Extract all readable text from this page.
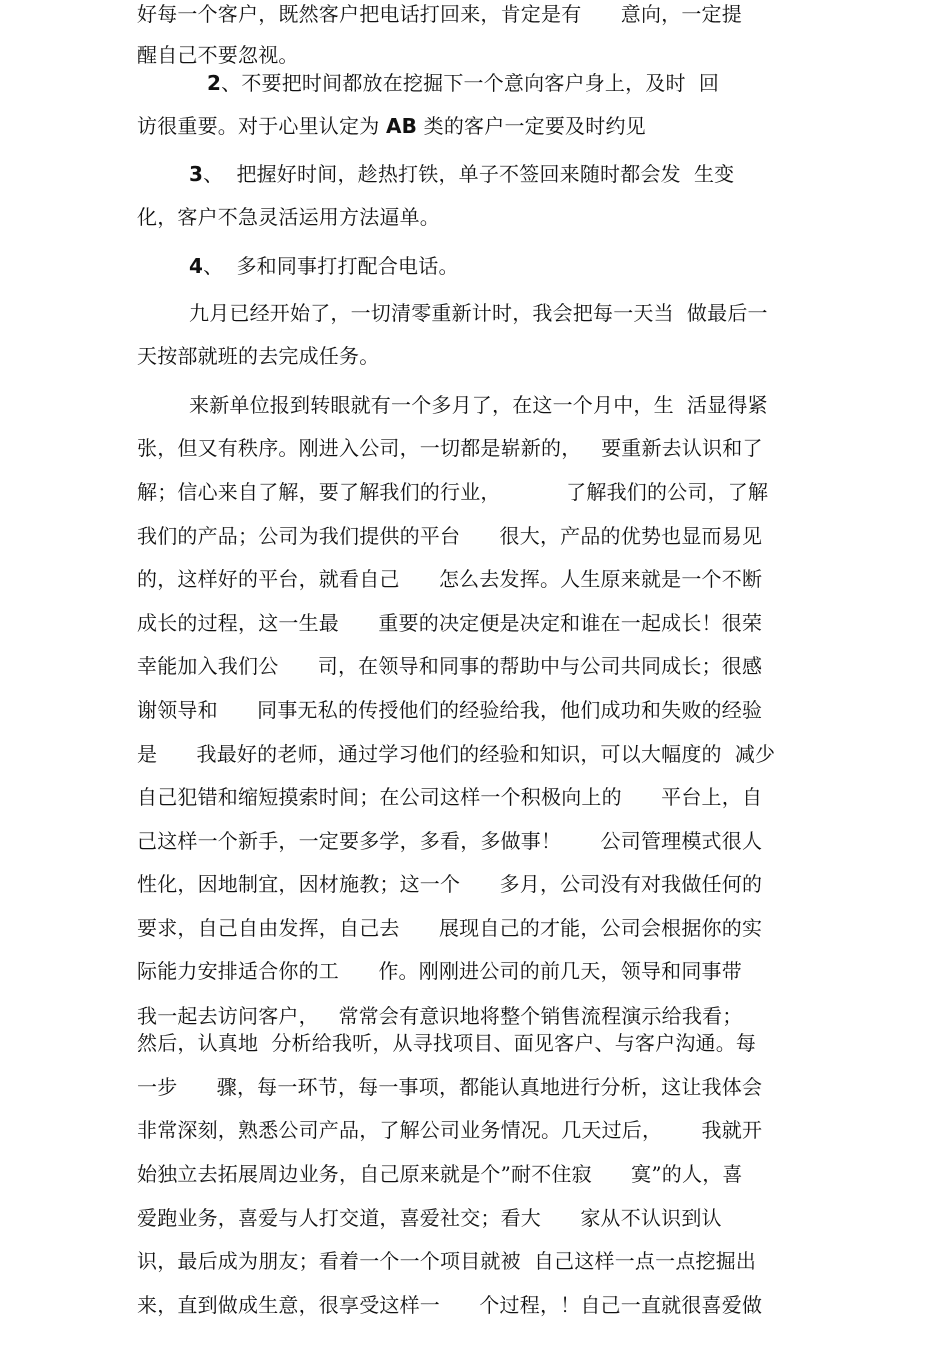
好每一个客户，既然客户把电话打回来，肯定是有      意向，一定提
醒自己不要忽视。
2、不要把时间都放在挖掘下一个意向客户身上，及时  回
访很重要。对于心里认定为 AB 类的客户一定要及时约见
3、  把握好时间，趁热打铁，单子不签回来随时都会发  生变
化，客户不急灵活运用方法逼单。
4、  多和同事打打配合电话。
九月已经开始了，一切清零重新计时，我会把每一天当  做最后一
天按部就班的去完成任务。
来新单位报到转眼就有一个多月了，在这一个月中，生  活显得紧
张，但又有秩序。刚进入公司，一切都是崭新的，   要重新去认识和了
解；信心来自了解，要了解我们的行业，          了解我们的公司，了解
我们的产品；公司为我们提供的平台      很大，产品的优势也显而易见
的，这样好的平台，就看自己      怎么去发挥。人生原来就是一个不断
成长的过程，这一生最      重要的决定便是决定和谁在一起成长！很荣
幸能加入我们公      司，在领导和同事的帮助中与公司共同成长；很感
谢领导和      同事无私的传授他们的经验给我，他们成功和失败的经验
是      我最好的老师，通过学习他们的经验和知识，可以大幅度的  减少
自己犯错和缩短摸索时间；在公司这样一个积极向上的      平台上，自
己这样一个新手，一定要多学，多看，多做事！      公司管理模式很人
性化，因地制宜，因材施教；这一个      多月，公司没有对我做任何的
要求，自己自由发挥，自己去      展现自己的才能，公司会根据你的实
际能力安排适合你的工      作。刚刚进公司的前几天，领导和同事带
我一起去访问客户，   常常会有意识地将整个销售流程演示给我看；
然后，认真地  分析给我听，从寻找项目、面见客户、与客户沟通。每
一步      骤，每一环节，每一事项，都能认真地进行分析，这让我体会
非常深刻，熟悉公司产品，了解公司业务情况。几天过后，      我就开
始独立去拓展周边业务，自己原来就是个”耐不住寂      寞”的人，喜
爱跑业务，喜爱与人打交道，喜爱社交；看大      家从不认识到认
识，最后成为朋友；看着一个一个项目就被  自己这样一点一点挖掘出
来，直到做成生意，很享受这样一      个过程，！自己一直就很喜爱做
